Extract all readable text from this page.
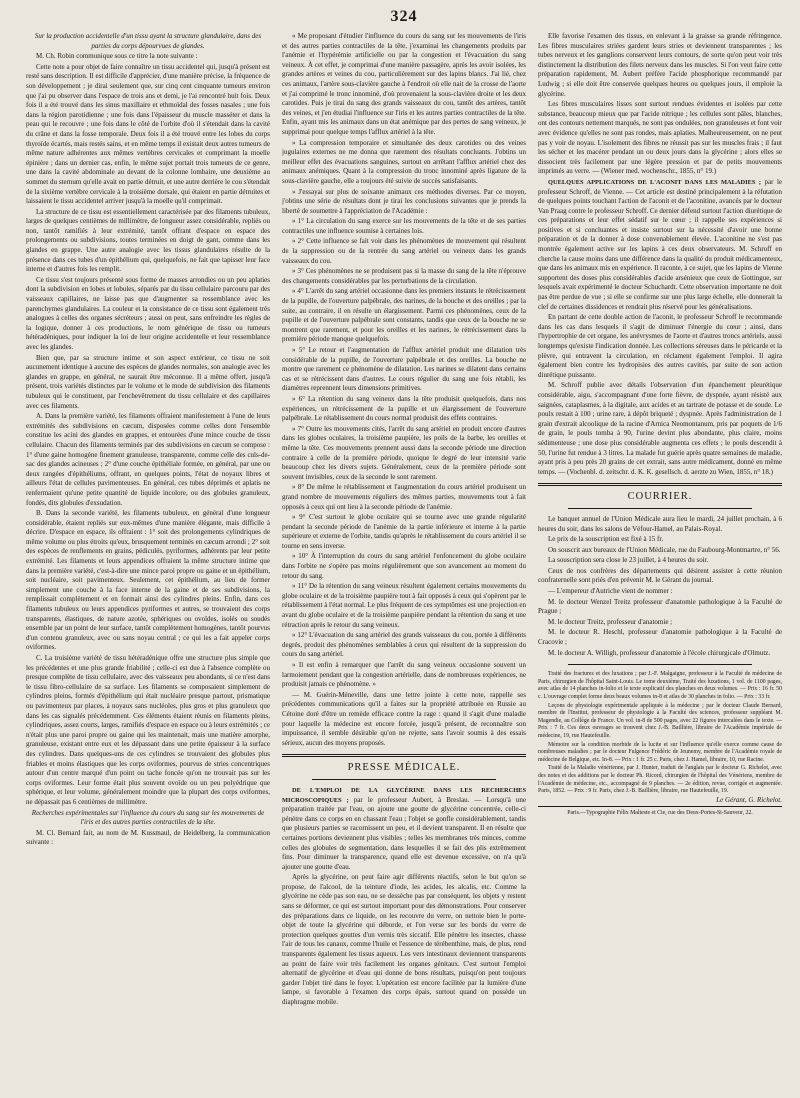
324

Sur la production accidentelle d'un tissu ayant la structure glandulaire, dans des parties du corps dépourvues de glandes.

M. Ch. Robin communique sous ce titre la note suivante :

Cette note a pour objet de faire connaître un tissu accidentel qui, jusqu'à présent est resté sans description. Il est difficile d'apprécier, d'une manière précise, la fréquence de son développement ; je dirai seulement que, sur cinq cent cinquante tumeurs environ que j'ai pu observer dans l'espace de trois ans et demi, je l'ai rencontré huit fois. Deux fois il a été trouvé dans les sinus maxillaire et ethmoïdal des fosses nasales ; une fois dans la région parotidienne ; une fois dans l'épaisseur du muscle masséter et dans la peau qui le recouvre ; une fois dans le côté de l'orbite d'où il s'étendait dans la cavité du crâne et dans la fosse temporale. Deux fois il a été trouvé entre les lobes du corps thyroïde écartés, mais restés sains, et en même temps il existait deux autres tumeurs de même nature adhérentes aux mêmes vertèbres cervicales et comprimant la moelle épinière ; dans un dernier cas, enfin, le même sujet portait trois tumeurs de ce genre, une dans la cavité abdominale au devant de la colonne lombaire, une deuxième au sommet du sternum qu'elle avait en partie détruit, et une autre derrière le cou s'étendait de la sixième vertèbre cervicale à la troisième dorsale, qui étaient en partie détruites et laissaient le tissu accidentel arriver jusqu'à la moelle qu'il comprimait.

La structure de ce tissu est essentiellement caractérisée par des filaments tubuleux, larges de quelques centièmes de millimètre, de longueur assez considérable, repliés ou non, tantôt ramifiés à leur extrémité, tantôt offrant d'espace en espace des prolongements ou subdivisions, toutes terminées en doigt de gant, comme dans les glandes en grappe. Une autre analogie avec les tissus glandulaires résulte de la présence dans ces tubes d'un épithélium qui, quelquefois, ne fait que tapisser leur face interne et d'autres fois les remplit.

Ce tissu s'est toujours présenté sous forme de masses arrondies ou un peu aplaties dont la subdivision en lobes et lobules, séparés par du tissu cellulaire parcouru par des vaisseaux capillaires, ne laisse pas que d'augmenter sa ressemblance avec les parenchymes glandulaires. La couleur et la consistance de ce tissu sont également très analogues à celles des organes sécréteurs ; aussi on peut, sans enfreindre les règles de la logique, donner à ces productions, le nom générique de tissu ou tumeurs hétéradéniques, pour indiquer la loi de leur origine accidentelle et leur ressemblance avec les glandes.

Bien que, par sa structure intime et son aspect extérieur, ce tissu ne soit aucunement identique à aucune des espèces de glandes normales, son analogie avec les glandes en grappe, en général, ne saurait être méconnue. Il a même offert, jusqu'à présent, trois variétés distinctes par le volume et le mode de subdivision des filaments tubuleux qui le constituent, par l'enchevêtrement du tissu cellulaire et des capillaires avec ces filaments.

A. Dans la première variété, les filaments offraient manifestement à l'une de leurs extrémités des subdivisions en cæcum, disposées comme celles dont l'ensemble constitue les acini des glandes en grappes, et entourées d'une mince couche de tissu cellulaire. Chacun des filaments terminés par des subdivisions en cæcum se compose : 1° d'une gaine homogène finement granuleuse, transparente, comme celle des culs-de-sac des glandes acineuses ; 2° d'une couche épithéliale formée, en général, par une ou deux rangées d'épithéliums, offrant, en quelques points, l'état de noyaux libres et ailleurs l'état de cellules pavimenteuses. En général, ces tubes déprimés et aplatis ne renfermaient qu'une petite quantité de liquide incolore, ou des globules granuleux, fondés, dits globules d'exsudation.

B. Dans la seconde variété, les filaments tubuleux, en général d'une longueur considérable, étaient repliés sur eux-mêmes d'une manière élégante, mais difficile à décrire. D'espace en espace, ils offraient : 1° soit des prolongements cylindriques de même volume ou plus étroits qu'eux, brusquement terminés en cæcum arrondi ; 2° soit des espèces de renflements en grains, pédiculés, pyriformes, adhérents par leur petite extrémité. Les filaments et leurs appendices offraient la même structure intime que dans la première variété, c'est-à-dire une mince paroi propre ou gaine et un épithélium, soit nucléaire, soit pavimenteux. Seulement, cet épithélium, au lieu de former simplement une couche à la face interne de la gaine et de ses subdivisions, la remplissait complètement et en formait ainsi des cylindres pleins. Enfin, dans ces filaments tubuleux ou leurs appendices pyriformes et autres, se trouvaient des corps transparents, élastiques, de nature azotée, sphériques ou ovoïdes, isolés ou soudés ensemble par un point de leur surface, tantôt complètement homogènes, tantôt pourvus d'un contenu granuleux, avec ou sans noyau central ; ce qui les a fait appeler corps oviformes.

C. La troisième variété de tissu hétéradénique offre une structure plus simple que les précédentes et une plus grande friabilité ; celle-ci est due à l'absence complète ou presque complète de tissu cellulaire, avec des vaisseaux peu abondants, si ce n'est dans le tissu fibro-cellulaire de sa surface. Les filaments se composaient simplement de cylindres pleins, formés d'épithélium qui était nucléaire presque partout, prismatique ou pavimenteux par places, à noyaux sans nucléoles, plus gros et plus granuleux que dans les cas signalés précédemment. Ces éléments étaient réunis en filaments pleins, cylindriques, assez courts, larges, ramifiés d'espace en espace ou à leurs extrémités ; ce n'était plus une paroi propre ou gaine qui les maintenait, mais une matière amorphe, granuleuse, existant entre eux et les dépassant dans une petite épaisseur à la surface des cylindres. Dans quelques-uns de ces cylindres se trouvaient des globules plus friables et moins élastiques que les corps oviformes, pourvus de stries concentriques autour d'un centre marqué d'un point ou tache foncée qu'on ne trouvait pas sur les corps oviformes. Leur forme était plus souvent ovoïde ou un peu polyédrique que sphérique, et leur volume, généralement moindre que la plupart des corps oviformes, ne dépassait pas 6 centièmes de millimètre.

Recherches expérimentales sur l'influence du cours du sang sur les mouvements de l'iris et des autres parties contractiles de la tête.

M. Cl. Bernard fait, au nom de M. Kussmaul, de Heidelberg, la communication suivante :

« Me proposant d'étudier l'influence du cours du sang sur les mouvements de l'iris et des autres parties contractiles de la tête, j'examinai les changements produits par l'anémie et l'hypérémie artificielle ou par la congestion et l'évacuation du sang veineux. À cet effet, je comprimai d'une manière passagère, après les avoir isolées, les grandes artères et veines du cou, particulièrement sur des lapins blancs. J'ai lié, chez ces animaux, l'artère sous-clavière gauche à l'endroit où elle nait de la crosse de l'aorte et j'ai comprimé le tronc innominé, d'où provenaient la sous-clavière droite et les deux carotides. Puis je tirai du sang des grands vaisseaux du cou, tantôt des artères, tantôt des veines, et j'en étudiai l'influence sur l'iris et les autres parties contractiles de la tête. Enfin, ayant mis les animaux dans un état anémique par des pertes de sang veineux, je supprimai pour quelque temps l'afflux artériel à la tête.

» La compression temporaire et simultanée des deux carotides ou des veines jugulaires externes ne me donna que rarement des résultats concluants. J'obtins un meilleur effet des évacuations sanguines, surtout en arrêtant l'afflux artériel chez des animaux anémiques. Quant à la compression du tronc innominé après ligature de la sous-clavière gauche, elle a toujours été suivie de succès satisfaisants.

» J'essayai sur plus de soixante animaux ces méthodes diverses. Par ce moyen, j'obtins une série de résultats dont je tirai les conclusions suivantes que je prends la liberté de soumettre à l'appréciation de l'Académie :

» 1° La circulation du sang exerce sur les mouvements de la tête et de ses parties contractiles une influence soumise à certaines lois.

» 2° Cette influence se fait voir dans les phénomènes de mouvement qui résultent de la suppression ou de la rentrée du sang artériel ou veineux dans les grands vaisseaux du cou.

» 3° Ces phénomènes ne se produisent pas si la masse du sang de la tête n'éprouve des changements considérables par les perturbations de la circulation.

» 4° L'arrêt du sang artériel occasionne dans les premiers instants le rétrécissement de la pupille, de l'ouverture palpébrale, des narines, de la bouche et des oreilles ; par la suite, au contraire, il en résulte un élargissement. Parmi ces phénomènes, ceux de la pupille et de l'ouverture palpébrale sont constants, tandis que ceux de la bouche ne se montrent que rarement, et pour les oreilles et les narines, le rétrécissement dans la première période manque quelquefois.

» 5° Le retour et l'augmentation de l'afflux artériel produit une dilatation très considérable de la pupille, de l'ouverture palpébrale et des oreilles. La bouche ne montre que rarement ce phénomène de dilatation. Les narines se dilatent dans certains cas et se rétrécissent dans d'autres. Le cours régulier du sang une fois rétabli, les diamètres reprennent leurs dimensions primitives.

» 6° La rétention du sang veineux dans la tête produisit quelquefois, dans nos expériences, un rétrécissement de la pupille et un élargissement de l'ouverture palpébrale. Le rétablissement du cours normal produisit des effets contraires.

» 7° Outre les mouvements cités, l'arrêt du sang artériel en produit encore d'autres dans les globes oculaires, la troisième paupière, les poils de la barbe, les oreilles et même la tête. Ces mouvements prennent aussi dans la seconde période une direction contraire à celle de la première période, quoique le degré de leur intensité varie beaucoup chez les divers sujets. Généralement, ceux de la première période sont souvent invisibles, ceux de la seconde le sont rarement.

» 8° De même le rétablissement et l'augmentation du cours artériel produisent un grand nombre de mouvements réguliers des mêmes parties, mouvements tout à fait opposés à ceux qui ont lieu à la seconde période de l'anémie.

» 9° C'est surtout le globe oculaire qui se tourne avec une grande régularité pendant la seconde période de l'anémie de la partie inférieure et interne à la partie supérieure et externe de l'orbite, tandis qu'après le rétablissement du cours artériel il se tourne en sens inverse.

» 10° À l'interruption du cours du sang artériel l'enfoncement du globe oculaire dans l'orbite ne s'opère pas moins régulièrement que son avancement au moment du retour du sang.

» 11° De la rétention du sang veineux résultent également certains mouvements du globe oculaire et de la troisième paupière tout à fait opposés à ceux qui s'opèrent par le rétablissement à l'état normal. Le plus fréquent de ces symptômes est une projection en avant du globe oculaire et de la troisième paupière pendant la rétention du sang et une rétraction après le retour du sang veineux.

» 12° L'évacuation du sang artériel des grands vaisseaux du cou, portée à différents degrés, produit des phénomènes semblables à ceux qui résultent de la suppression du cours du sang artériel.

» Il est enfin à remarquer que l'arrêt du sang veineux occasionne souvent un larmoiement pendant que la congestion artérielle, dans de nombreuses expériences, ne produisit jamais ce phénomène. »

— M. Guérin-Méneville, dans une lettre jointe à cette note, rappelle ses précédentes communications qu'il a faites sur la propriété attribuée en Russie au Cétoine doré d'être un remède efficace contre la rage : quand il s'agit d'une maladie pour laquelle la médecine est encore forcée, jusqu'à présent, de reconnaître son impuissance, il semble désirable qu'on ne rejette, sans l'avoir soumis à des essais sérieux, aucun des moyens proposés.

PRESSE MÉDICALE.

DE L'EMPLOI DE LA GLYCÉRINE DANS LES RECHERCHES MICROSCOPIQUES ; par le professeur Aubert, à Breslau. — Lorsqu'à une préparation traitée par l'eau, on ajoute une goutte de glycérine concentrée, celle-ci pénètre dans ce corps en en chassant l'eau ; l'objet se gonfle considérablement, tandis que plusieurs parties se racornissent un peu, et il devient transparent. Il en résulte que certaines portions deviennent plus visibles ; telles les membranes très minces, comme celles des globules de segmentation, dans lesquelles il se fait des plis extrêmement fins. Pour diminuer la transparence, quand elle est devenue excessive, on n'a qu'à ajouter une goutte d'eau.

Après la glycérine, on peut faire agir différents réactifs, selon le but qu'on se propose, de l'alcool, de la teinture d'iode, les acides, les alcalis, etc. Comme la glycérine ne cède pas son eau, ne se dessèche pas par conséquent, les objets y restent sans se déformer, ce qui est surtout important pour des démonstrations. Pour conserver des préparations dans ce liquide, on les recouvre du verre, on nettoie bien le porte-objet de toute la glycérine qui déborde, et l'on verse sur les bords du verre de protection quelques gouttes d'un vernis très siccatif. Elle pénètre les insectes, chasse l'air de tous les canaux, comme l'huile et l'essence de térébenthine, mais, de plus, rend transparents également les tissus aqueux. Les vers intestinaux deviennent transparents au point de faire voir très facilement les organes génitaux. C'est surtout l'emploi alternatif de glycérine et d'eau qui donne de bons résultats, puisqu'on peut toujours garder l'objet tiré dans le foyer. L'opération est encore facilitée par la lumière d'une lampe, si favorable à l'examen des corps épais, surtout quand on possède un diaphragme mobile.

Elle favorise l'examen des tissus, en enlevant à la graisse sa grande réfringence. Les fibres musculaires striées gardent leurs stries et deviennent transparentes ; les tubes nerveux et les ganglions conservent leurs contours, de sorte qu'on peut voir très distinctement la distribution des filets nerveux dans les muscles. Si l'on veut faire cette préparation rapidement, M. Aubert préfère l'acide phosphorique recommandé par Ludwig ; si elle doit être conservée quelques heures ou quelques jours, il emploie la glycérine.

Les fibres musculaires lisses sont surtout rendues évidentes et isolées par cette substance, beaucoup mieux que par l'acide nitrique ; les cellules sont pâles, blanches, ont des contours nettement marqués, ne sont pas ondulées, non granuleuses et font voir avec évidence qu'elles ne sont pas rondes, mais aplaties. Malheureusement, on ne peut pas y voir de noyau. L'isolement des fibres ne réussit pas sur les muscles frais ; il faut les sécher et les macérer pendant un ou deux jours dans la glycérine ; alors elles se dissocient très facilement par une légère pression et par de petits mouvements imprimés au verre. — (Wiener med. wochenschr., 1855, n° 19.)

QUELQUES APPLICATIONS DE L'ACONIT DANS LES MALADIES ; par le professeur Schroff, de Vienne. — Cet article est destiné principalement à la réfutation de quelques points touchant l'action de l'aconit et de l'aconitine, avancés par le docteur Van Praag contre le professeur Schroff. Ce dernier défend surtout l'action diurétique de ces préparations et leur effet sédatif sur le cœur ; il rappelle ses expériences si positives et si concluantes et insiste surtout sur la nécessité d'avoir une bonne préparation et de la donner à dose convenablement élevée. L'aconitine ne s'est pas montrée également active sur les lapins à ces deux observateurs. M. Schroff en cherche la cause moins dans une différence dans la qualité du produit médicamenteux, que dans les animaux mis en expérience. Il raconte, à ce sujet, que les lapins de Vienne supportent des doses plus considérables d'acide arsénieux que ceux de Gottingue, sur lesquels avait expérimenté le docteur Schuchardt. Cette observation importante ne doit pas être perdue de vue ; si elle se confirme sur une plus large échelle, elle donnerait la clef de certaines dissidences et rendrait plus réservé pour les généralisations.

En partant de cette double action de l'aconit, le professeur Schroff le recommande dans les cas dans lesquels il s'agit de diminuer l'énergie du cœur ; ainsi, dans l'hypertrophie de cet organe, les anévrysmes de l'aorte et d'autres troncs artériels, aussi longtemps qu'existe l'indication donnée. Les collections séreuses dans le péricarde et la plèvre, qui entravent la circulation, en réclament également l'emploi. Il agira également bien contre les hydropisies des autres cavités, par suite de son action diurétique puissante.

M. Schroff publie avec détails l'observation d'un épanchement pleurétique considérable, aigu, s'accompagnant d'une forte fièvre, de dyspnée, ayant résisté aux saignées, cataplasmes, à la digitale, aux acides et au tartrate de potasse et de soude. Le poulx restait à 100 ; urine rare, à dépôt briqueté ; dyspnée. Après l'administration de 1 grain d'extrait alcoolique de la racine d'Arnica Neomontanum, pris par poquets de 1/6 de grain, le pouls tomba à 90, l'urine devint plus abondante, plus claire, moins sédimenteuse ; une dose plus considérable augmenta ces effets ; le pouls descendit à 50, l'urine fut rendue à 3 litres. La malade fut guérie après quatre semaines de maladie, ayant pris à peu près 20 grains de cet extrait, sans autre médicament, donné en même temps. — (Vochenbl. d. zeitschr. d. K. K. gesellsch. d. aerzte zu Wien, 1855, n° 18.)

COURRIER.

Le banquet annuel de l'Union Médicale aura lieu le mardi, 24 juillet prochain, à 6 heures du soir, dans les salons de Véfour-Hamel, au Palais-Royal.

Le prix de la souscription est fixé à 15 fr.

On souscrit aux bureaux de l'Union Médicale, rue du Faubourg-Montmartre, n° 56.

La souscription sera close le 23 juillet, à 4 heures du soir.

Ceux de nos confrères des départements qui désirent assister à cette réunion confraternelle sont priés d'en prévenir M. le Gérant du journal.

— L'empereur d'Autriche vient de nommer :

M. le docteur Wenzel Treitz professeur d'anatomie pathologique à la Faculté de Prague ;

M. le docteur Treitz, professeur d'anatomie ;

M. le docteur R. Heschl, professeur d'anatomie pathologique à la Faculté de Cracovie ;

M. le docteur A. Willigh, professeur d'anatomie à l'école chirurgicale d'Olmutz.

Traité des fractures et des luxations ; par J.-F. Malgaigne, professeur à la Faculté de médecine de Paris, chirurgien de l'hôpital Saint-Louis. Le tome deuxième, Traité des luxations, 1 vol. de 1100 pages, avec atlas de 14 planches in-folio et le texte explicatif des planches en deux volumes. — Prix : 16 fr. 50 c. L'ouvrage complet forme deux beaux volumes in-8 et atlas de 30 planches in folio. — Prix : 33 fr.

Leçons de physiologie expérimentale appliquée à la médecine ; par le docteur Claude Bernard, membre de l'Institut, professeur de physiologie à la Faculté des sciences, professeur suppléant M. Magendie, au Collège de France. Un vol. in-8 de 500 pages, avec 22 figures intercalées dans le texte. — Prix : 7 fr. Ces deux ouvrages se trouvent chez J.-B. Baillière, libraire de l'Académie impériale de médecine, 19, rue Hautefeuille.

Mémoire sur la condition morbide de la lucite et sur l'influence qu'elle exerce comme cause de nombreuses maladies ; par le docteur Fulgence Frédéric de Jeunemy, membre de l'Académie royale de médecine de Belgique, etc. In-8. — Prix : 1 fr. 25 c. Paris, chez J. Hamel, libraire, 10, rue Racine.

Traité de la Maladie vénérienne, par J. Hunter, traduit de l'anglais par le docteur G. Richelot, avec des notes et des additions par le docteur Ph. Ricord, chirurgien de l'hôpital des Vénériens, membre de l'Académie de médecine, etc., accompagné de 9 planches. — 2e édition, revue, corrigée et augmentée. Paris, 1852. — Prix : 9 fr. Paris, chez J.-B. Baillière, libraire, rue Hautefeuille, 19.

Le Gérant, G. Richelot.

Paris.—Typographie Félix Malteste et Cie, rue des Deux-Portes-St-Sauveur, 22.
